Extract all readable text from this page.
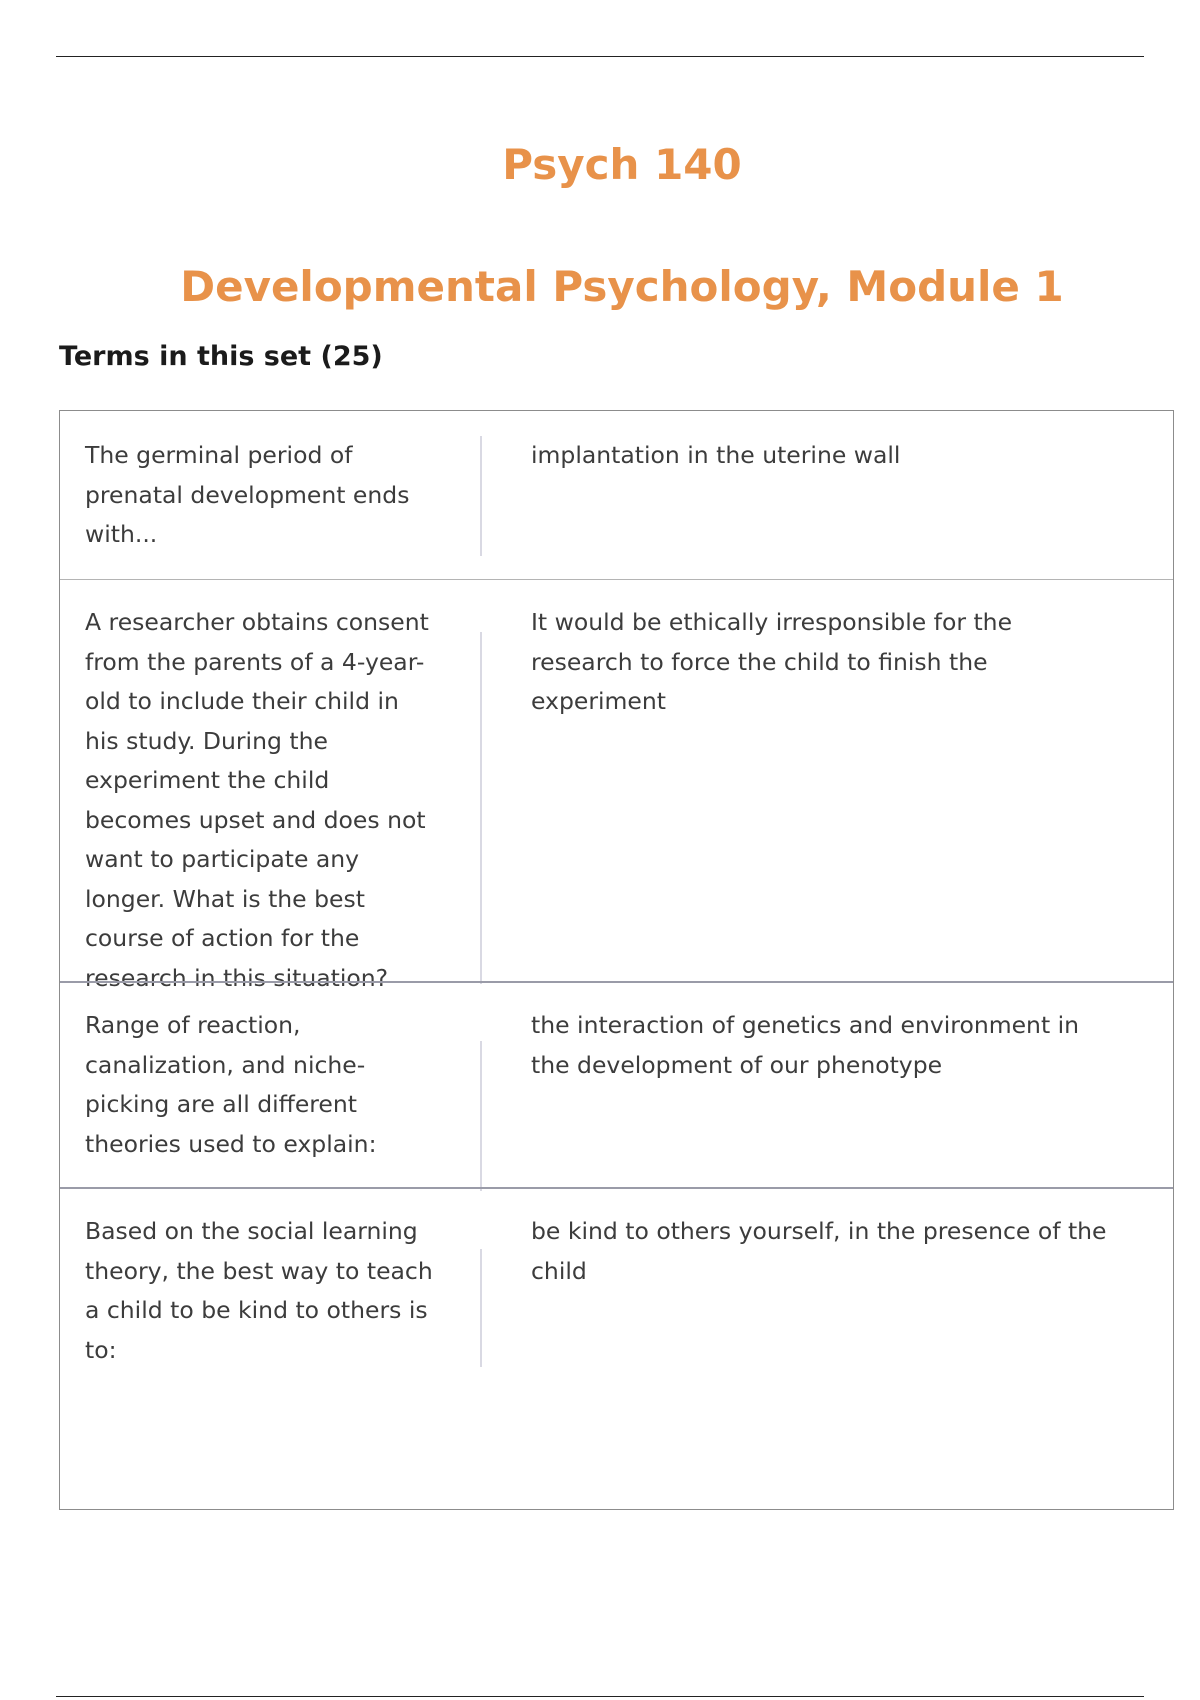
Psych 140
Developmental Psychology, Module 1
Terms in this set (25)
The germinal period of prenatal development ends with...
implantation in the uterine wall
A researcher obtains consent from the parents of a 4-year-old to include their child in his study. During the experiment the child becomes upset and does not want to participate any longer. What is the best course of action for the research in this situation?
It would be ethically irresponsible for the research to force the child to finish the experiment
Range of reaction, canalization, and niche-picking are all different theories used to explain:
the interaction of genetics and environment in the development of our phenotype
Based on the social learning theory, the best way to teach a child to be kind to others is to:
be kind to others yourself, in the presence of the child
